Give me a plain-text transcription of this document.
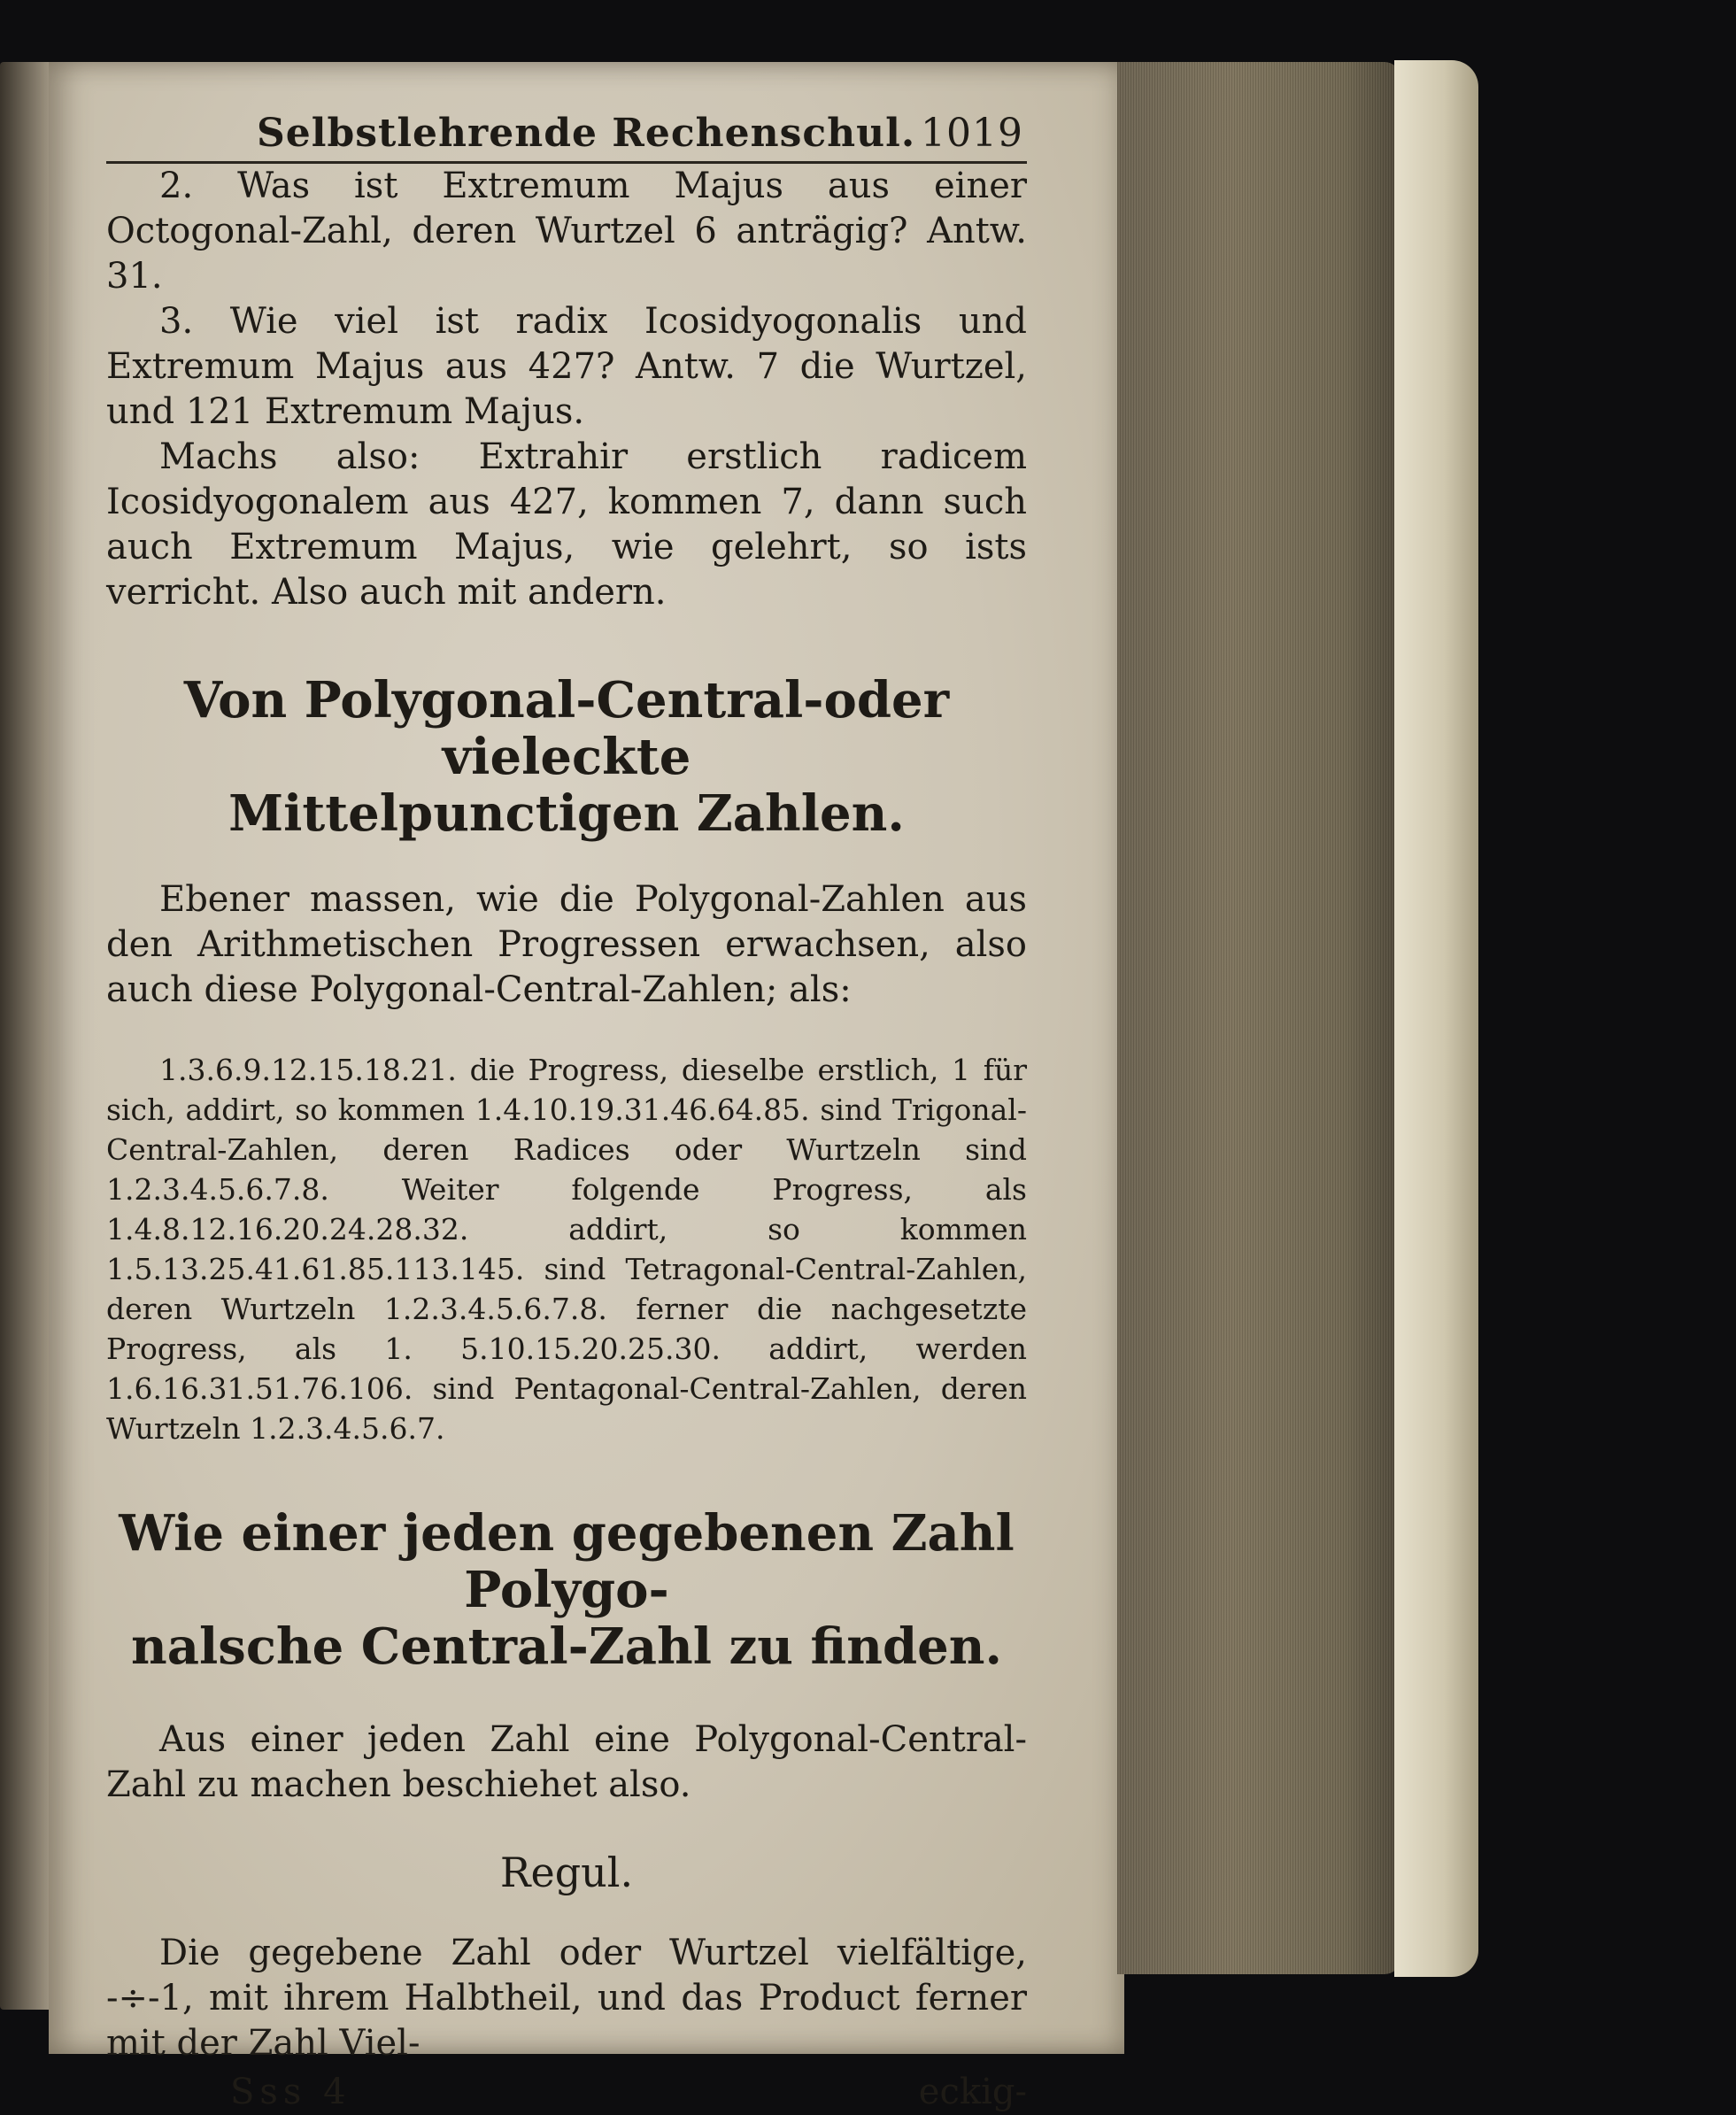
Selbstlehrende Rechenschul. 1019

2. Was ist Extremum Majus aus einer Octogonal-Zahl, deren Wurtzel 6 anträgig? Antw. 31.

3. Wie viel ist radix Icosidyogonalis und Extremum Majus aus 427? Antw. 7 die Wurtzel, und 121 Extremum Majus.

Machs also: Extrahir erstlich radicem Icosidyogonalem aus 427, kommen 7, dann such auch Extremum Majus, wie gelehrt, so ists verricht. Also auch mit andern.

Von Polygonal-Central-oder vieleckte
Mittelpunctigen Zahlen.

Ebener massen, wie die Polygonal-Zahlen aus den Arithmetischen Progressen erwachsen, also auch diese Polygonal-Central-Zahlen; als:

1.3.6.9.12.15.18.21. die Progress, dieselbe erstlich, 1 für sich, addirt, so kommen 1.4.10.19.31.46.64.85. sind Trigonal-Central-Zahlen, deren Radices oder Wurtzeln sind 1.2.3.4.5.6.7.8. Weiter folgende Progress, als 1.4.8.12.16.20.24.28.32. addirt, so kommen 1.5.13.25.41.61.85.113.145. sind Tetragonal-Central-Zahlen, deren Wurtzeln 1.2.3.4.5.6.7.8. ferner die nachgesetzte Progress, als 1. 5.10.15.20.25.30. addirt, werden 1.6.16.31.51.76.106. sind Pentagonal-Central-Zahlen, deren Wurtzeln 1.2.3.4.5.6.7.

Wie einer jeden gegebenen Zahl Polygo-
nalsche Central-Zahl zu finden.

Aus einer jeden Zahl eine Polygonal-Central-Zahl zu machen beschiehet also.

Regul.

Die gegebene Zahl oder Wurtzel vielfältige, -÷-1, mit ihrem Halbtheil, und das Product ferner mit der Zahl Viel-

Sss 4	eckig-
